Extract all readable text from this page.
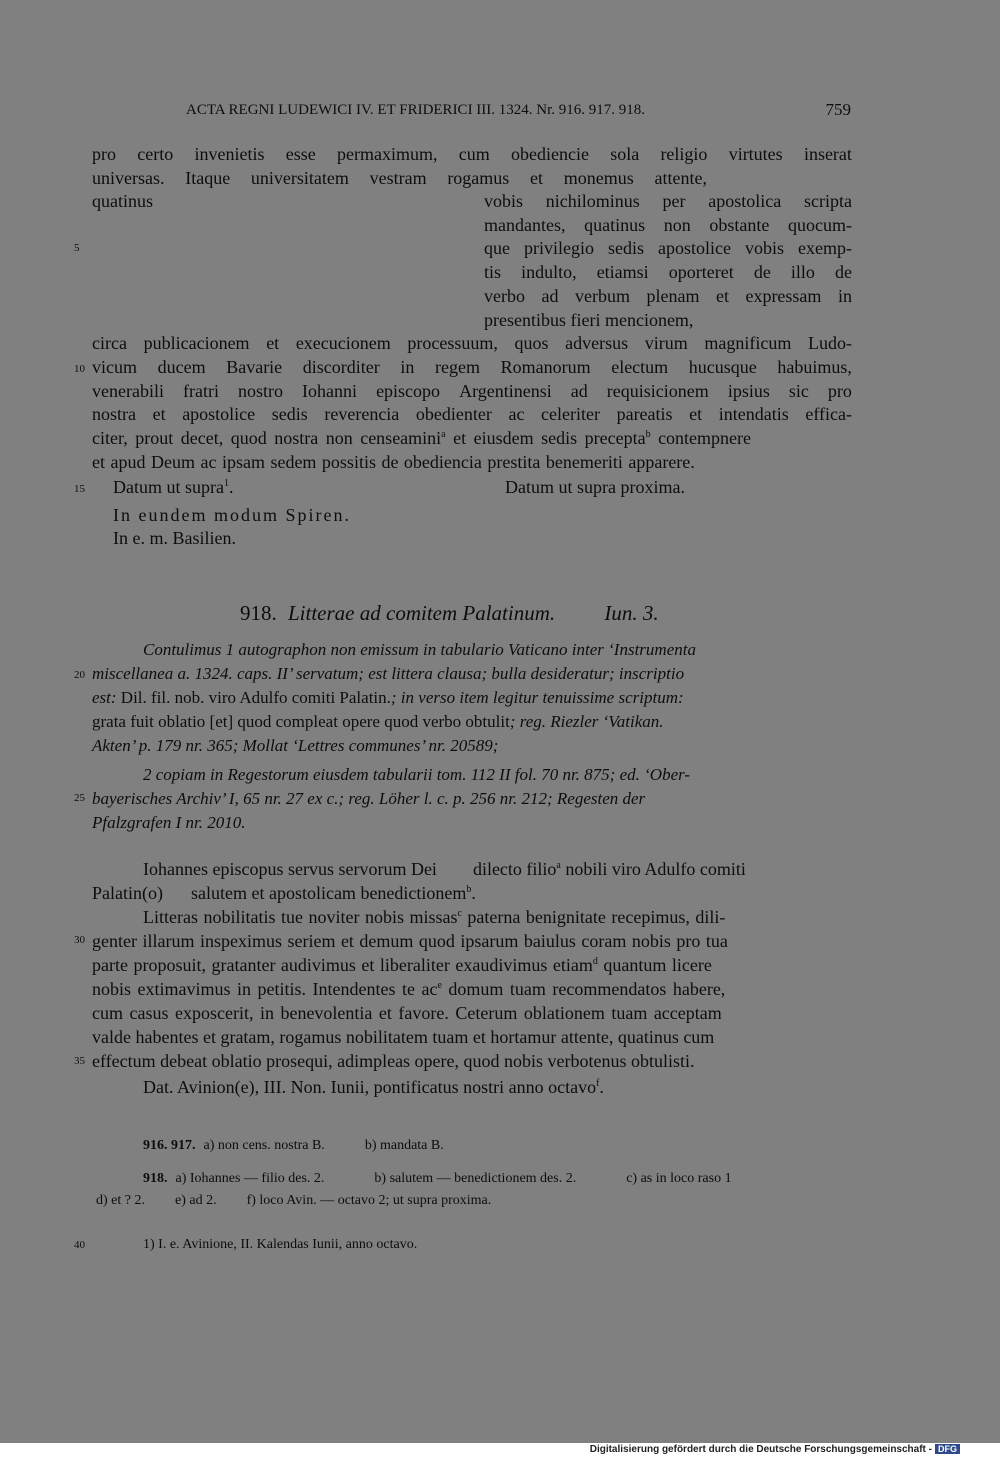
ACTA REGNI LUDEWICI IV. ET FRIDERICI III. 1324. Nr. 916. 917. 918.	759
5
10
15
20
25
30
35
40
pro certo invenietis esse permaximum, cum obediencie sola religio virtutes inserat
universas. Itaque universitatem vestram rogamus et monemus attente,
quatinus	vobis nichilominus per apostolica scripta
mandantes, quatinus non obstante quocum-
que privilegio sedis apostolice vobis exemp-
tis indulto, etiamsi oporteret de illo de
verbo ad verbum plenam et expressam in
presentibus fieri mencionem,
circa publicacionem et execucionem processuum, quos adversus virum magnificum Ludo-
vicum ducem Bavarie discorditer in regem Romanorum electum hucusque habuimus,
venerabili fratri nostro Iohanni episcopo Argentinensi ad requisicionem ipsius sic pro
nostra et apostolice sedis reverencia obedienter ac celeriter pareatis et intendatis effica-
citer, prout decet, quod nostra non censeamini$^a$ et eiusdem sedis precepta$^b$ contempnere
et apud Deum ac ipsam sedem possitis de obediencia prestita benemeriti apparere.
Datum ut supra$^1$.	Datum ut supra proxima.
In eundem modum Spiren.
In e. m. Basilien.
918. Litterae ad comitem Palatinum. Iun. 3.
Contulimus 1 autographon non emissum in tabulario Vaticano inter ‘Instrumenta
miscellanea a. 1324. caps. II’ servatum; est littera clausa; bulla desideratur; inscriptio
est: Dil. fil. nob. viro Adulfo comiti Palatin.; in verso item legitur tenuissime scriptum:
grata fuit oblatio [et] quod compleat opere quod verbo obtulit; reg. Riezler ‘Vatikan.
Akten’ p. 179 nr. 365; Mollat ‘Lettres communes’ nr. 20589;
2 copiam in Regestorum eiusdem tabularii tom. 112 II fol. 70 nr. 875; ed. ‘Ober-
bayerisches Archiv’ I, 65 nr. 27 ex c.; reg. Löher l. c. p. 256 nr. 212; Regesten der
Pfalzgrafen I nr. 2010.
Iohannes episcopus servus servorum Dei dilecto filio$^a$ nobili viro Adulfo comiti
Palatin(o) salutem et apostolicam benedictionem$^b$.
Litteras nobilitatis tue noviter nobis missas$^c$ paterna benignitate recepimus, dili-
genter illarum inspeximus seriem et demum quod ipsarum baiulus coram nobis pro tua
parte proposuit, gratanter audivimus et liberaliter exaudivimus etiam$^d$ quantum licere
nobis extimavimus in petitis. Intendentes te $ac^e$ domum tuam recommendatos habere,
cum casus exposcerit, in benevolentia et favore. Ceterum oblationem tuam acceptam
valde habentes et gratam, rogamus nobilitatem tuam et hortamur attente, quatinus cum
effectum debeat oblatio prosequi, adimpleas opere, quod nobis verbotenus obtulisti.
Dat. Avinion(e), III. Non. Iunii, pontificatus nostri anno octavo$^f$.
916. 917. a) non cens. nostra B.	b) mandata B.
918. a) Iohannes — filio des. 2.	b) salutem — benedictionem des. 2.	c) as in loco raso 1
d) et ? 2. e) ad 2. f) loco Avin. — octavo 2; ut supra proxima.
1) I. e. Avinione, II. Kalendas Iunii, anno octavo.
Digitalisierung gefördert durch die Deutsche Forschungsgemeinschaft - DFG
